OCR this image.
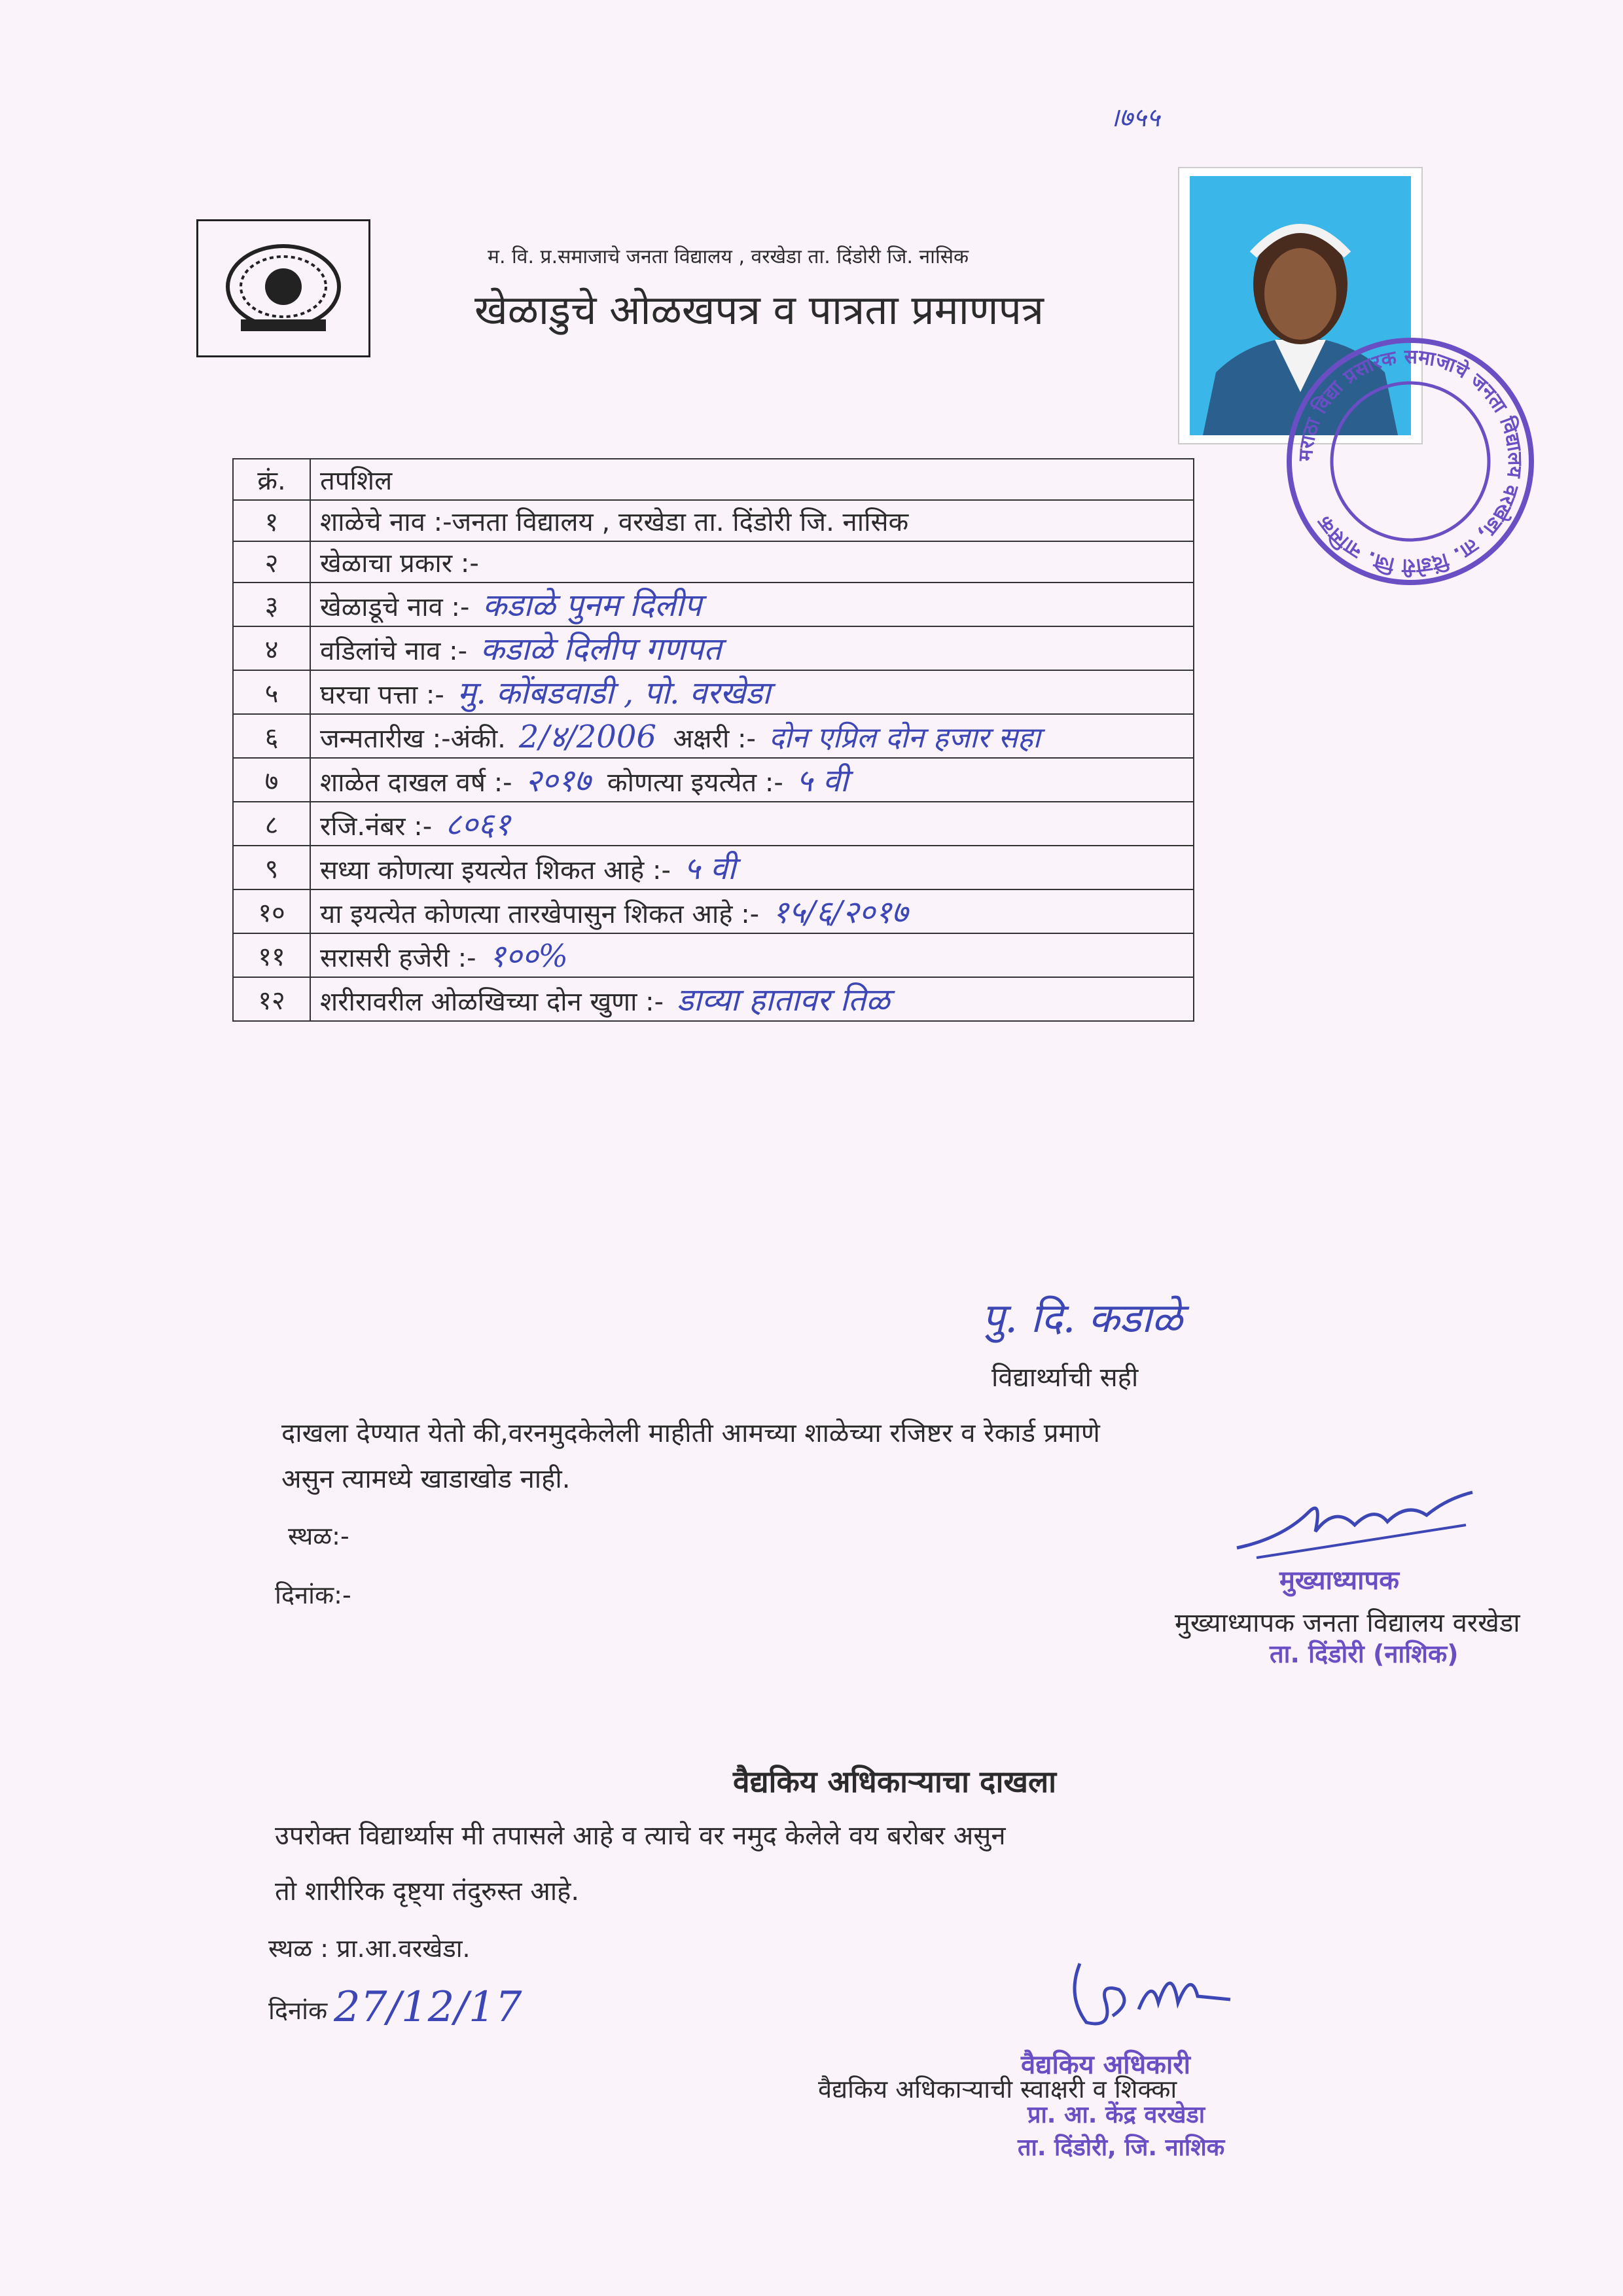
।७५५
म. वि. प्र.समाजाचे जनता विद्यालय , वरखेडा ता. दिंडोरी जि. नासिक
खेळाडुचे ओळखपत्र व पात्रता प्रमाणपत्र
मराठा विद्या प्रसारक समाजाचे जनता विद्यालय वरखेडा, ता. दिंडोरी जि. नासिक
क्रं.	तपशिल
१	शाळेचे नाव :-जनता विद्यालय , वरखेडा ता. दिंडोरी जि. नासिक
२	खेळाचा प्रकार :-
३	खेळाडूचे नाव :- कडाळे पुनम दिलीप
४	वडिलांचे नाव :- कडाळे दिलीप गणपत
५	घरचा पत्ता :- मु. कोंबडवाडी , पो. वरखेडा
६	जन्मतारीख :-अंकी. 2/४/2006 अक्षरी :- दोन एप्रिल दोन हजार सहा
७	शाळेत दाखल वर्ष :- २०१७ कोणत्या इयत्येत :- ५ वी
८	रजि.नंबर :- ८०६१
९	सध्या कोणत्या इयत्येत शिकत आहे :- ५ वी
१०	या इयत्येत कोणत्या तारखेपासुन शिकत आहे :- १५/६/२०१७
११	सरासरी हजेरी :- १००%
१२	शरीरावरील ओळखिच्या दोन खुणा :- डाव्या हातावर तिळ
पु. दि. कडाळे
विद्यार्थ्याची सही
दाखला देण्यात येतो की,वरनमुदकेलेली माहीती आमच्या शाळेच्या रजिष्टर व रेकार्ड प्रमाणे
असुन त्यामध्ये खाडाखोड नाही.
स्थळ:-
दिनांक:-	मुख्याध्यापक
मुख्याध्यापक जनता विद्यालय वरखेडा
ता. दिंडोरी (नाशिक)
वैद्यकिय अधिकाऱ्याचा दाखला
उपरोक्त विद्यार्थ्यास मी तपासले आहे व त्याचे वर नमुद केलेले वय बरोबर असुन
तो शारीरिक दृष्ट्या तंदुरुस्त आहे.
स्थळ : प्रा.आ.वरखेडा.
दिनांक 27/12/17
वैद्यकिय अधिकारी
वैद्यकिय अधिकाऱ्याची स्वाक्षरी व शिक्का
प्रा. आ. केंद्र वरखेडा
ता. दिंडोरी, जि. नाशिक
